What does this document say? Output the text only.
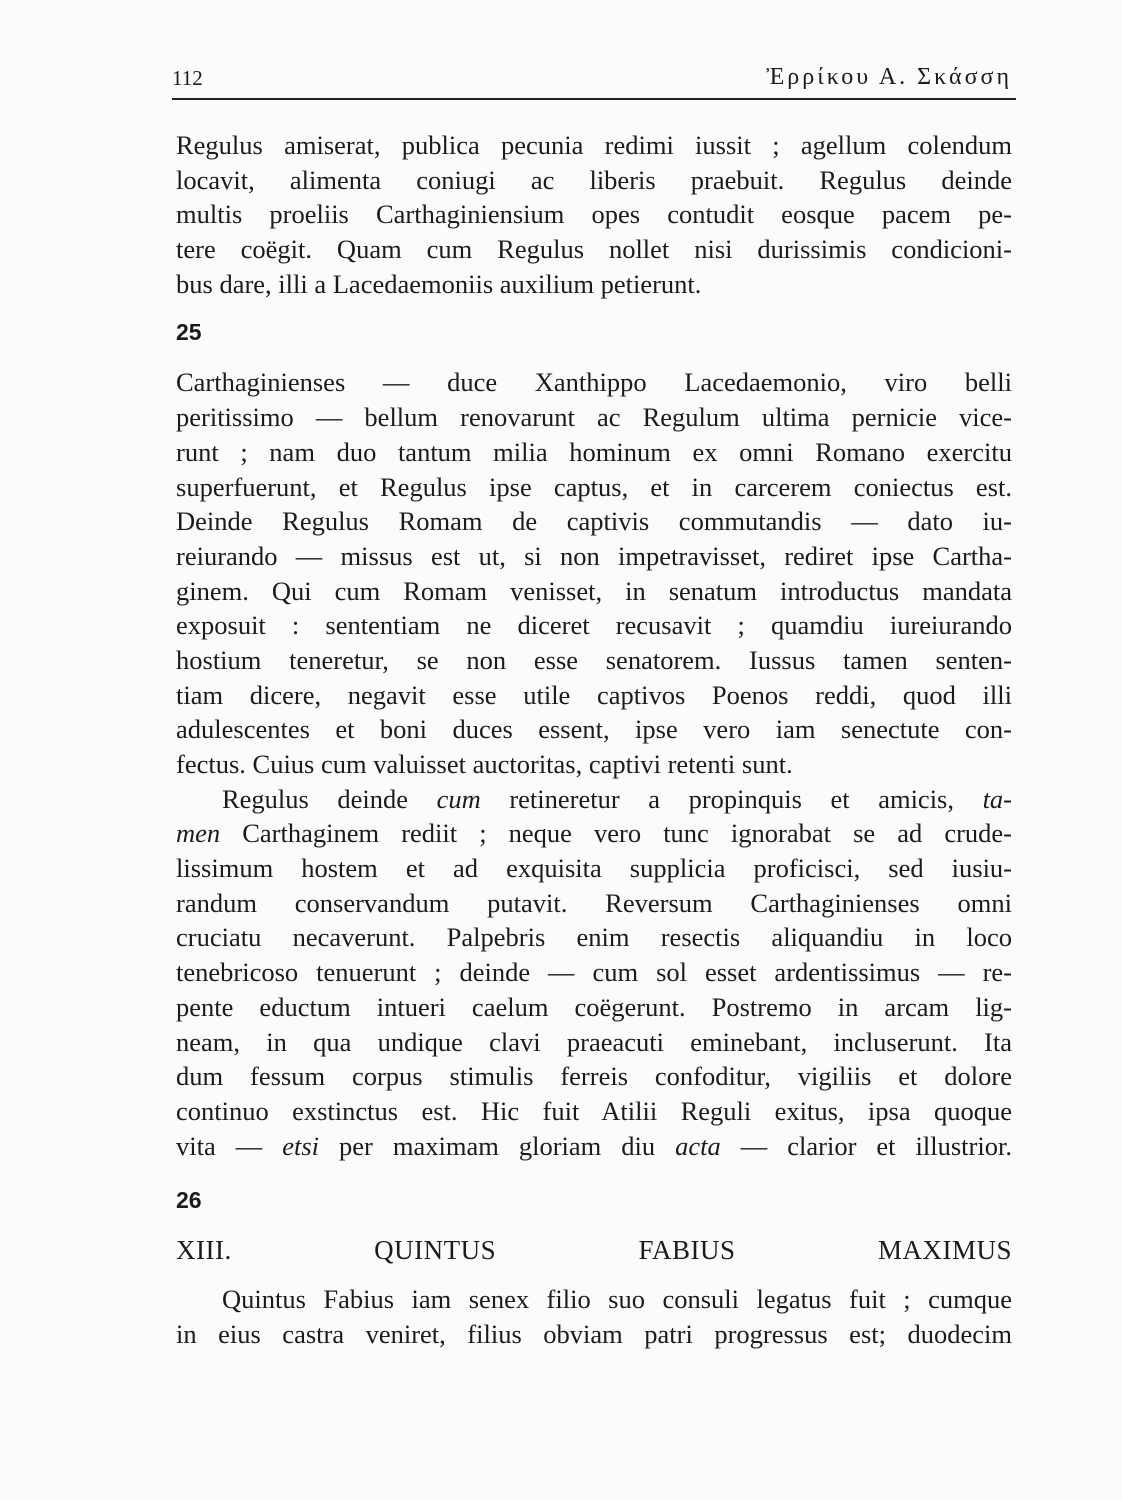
112	Ἐρρίκου Α. Σκάσση
Regulus amiserat, publica pecunia redimi iussit ; agellum colendum
locavit, alimenta coniugi ac liberis praebuit. Regulus deinde
multis proeliis Carthaginiensium opes contudit eosque pacem pe-
tere coëgit. Quam cum Regulus nollet nisi durissimis condicioni-
bus dare, illi a Lacedaemoniis auxilium petierunt.
25
Carthaginienses — duce Xanthippo Lacedaemonio, viro belli
peritissimo — bellum renovarunt ac Regulum ultima pernicie vice-
runt ; nam duo tantum milia hominum ex omni Romano exercitu
superfuerunt, et Regulus ipse captus, et in carcerem coniectus est.
Deinde Regulus Romam de captivis commutandis — dato iu-
reiurando — missus est ut, si non impetravisset, rediret ipse Cartha-
ginem. Qui cum Romam venisset, in senatum introductus mandata
exposuit : sententiam ne diceret recusavit ; quamdiu iureiurando
hostium teneretur, se non esse senatorem. Iussus tamen senten-
tiam dicere, negavit esse utile captivos Poenos reddi, quod illi
adulescentes et boni duces essent, ipse vero iam senectute con-
fectus. Cuius cum valuisset auctoritas, captivi retenti sunt.
Regulus deinde cum retineretur a propinquis et amicis, ta-
men Carthaginem rediit ; neque vero tunc ignorabat se ad crude-
lissimum hostem et ad exquisita supplicia proficisci, sed iusiu-
randum conservandum putavit. Reversum Carthaginienses omni
cruciatu necaverunt. Palpebris enim resectis aliquandiu in loco
tenebricoso tenuerunt ; deinde — cum sol esset ardentissimus — re-
pente eductum intueri caelum coëgerunt. Postremo in arcam lig-
neam, in qua undique clavi praeacuti eminebant, incluserunt. Ita
dum fessum corpus stimulis ferreis confoditur, vigiliis et dolore
continuo exstinctus est. Hic fuit Atilii Reguli exitus, ipsa quoque
vita — etsi per maximam gloriam diu acta — clarior et illustrior.
26
XIII. QUINTUS FABIUS MAXIMUS
Quintus Fabius iam senex filio suo consuli legatus fuit ; cumque
in eius castra veniret, filius obviam patri progressus est; duodecim
